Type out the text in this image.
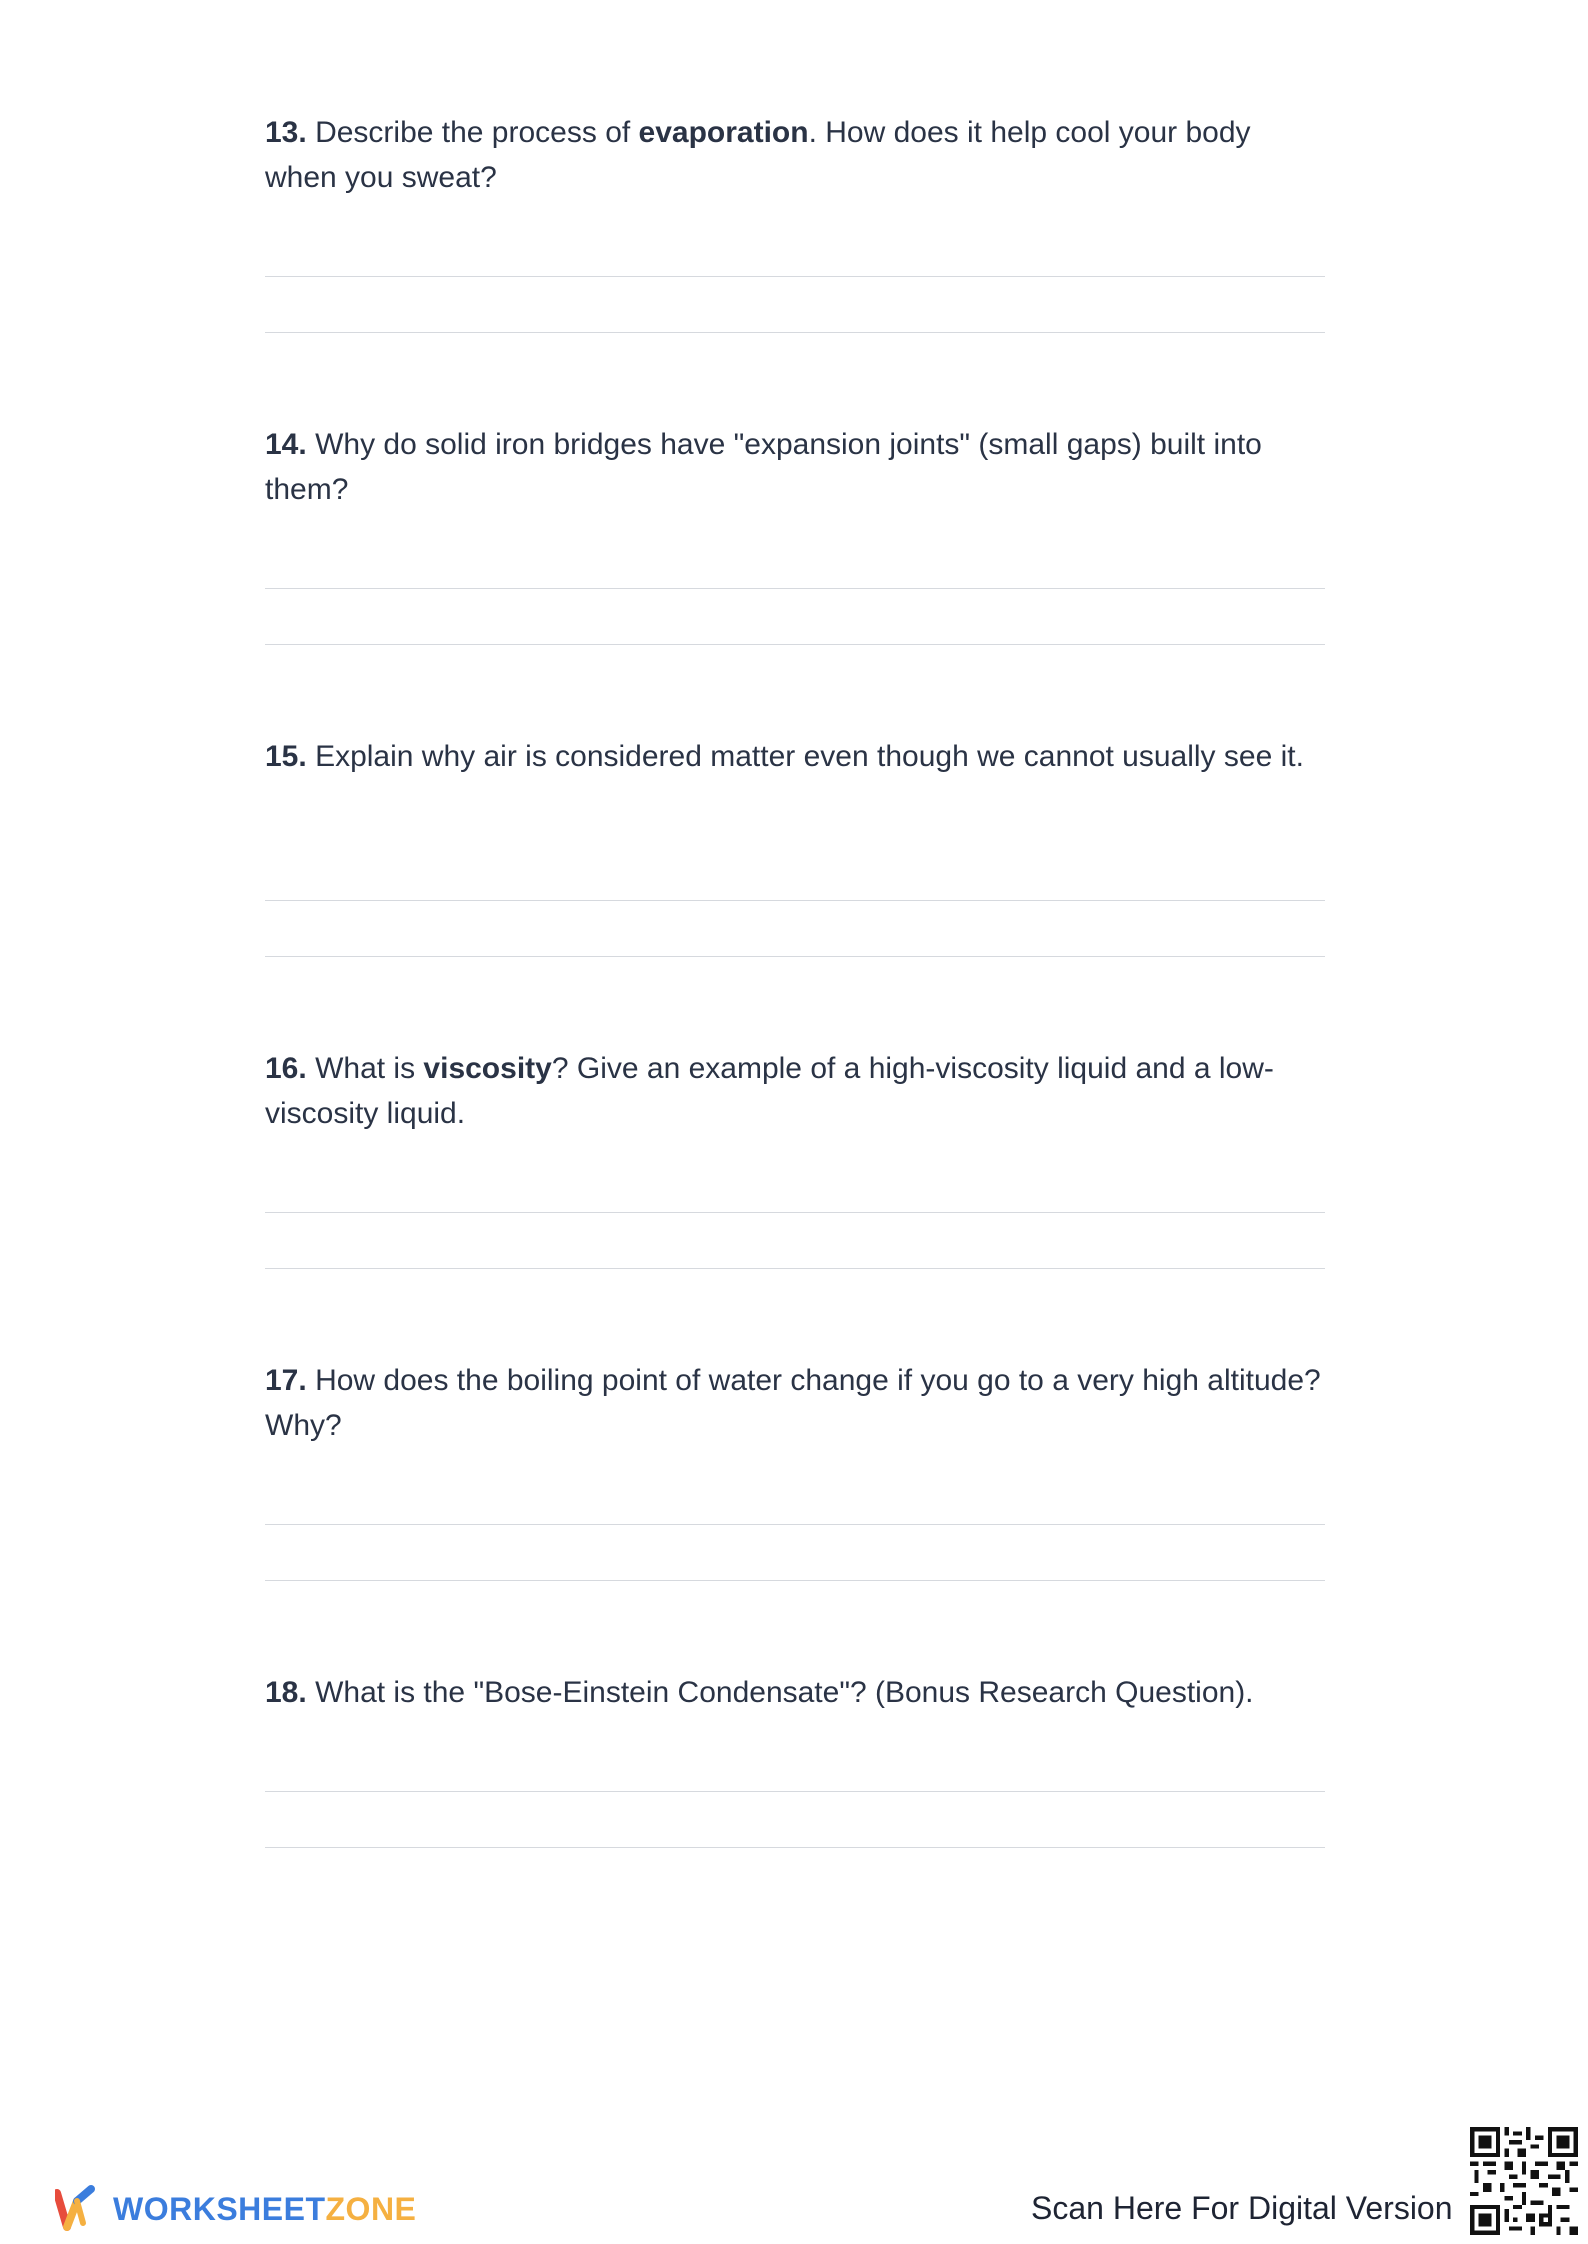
13. Describe the process of evaporation. How does it help cool your body when you sweat?

14. Why do solid iron bridges have "expansion joints" (small gaps) built into them?

15. Explain why air is considered matter even though we cannot usually see it.

16. What is viscosity? Give an example of a high-viscosity liquid and a low-viscosity liquid.

17. How does the boiling point of water change if you go to a very high altitude? Why?

18. What is the "Bose-Einstein Condensate"? (Bonus Research Question).

WORKSHEETZONE	Scan Here For Digital Version
